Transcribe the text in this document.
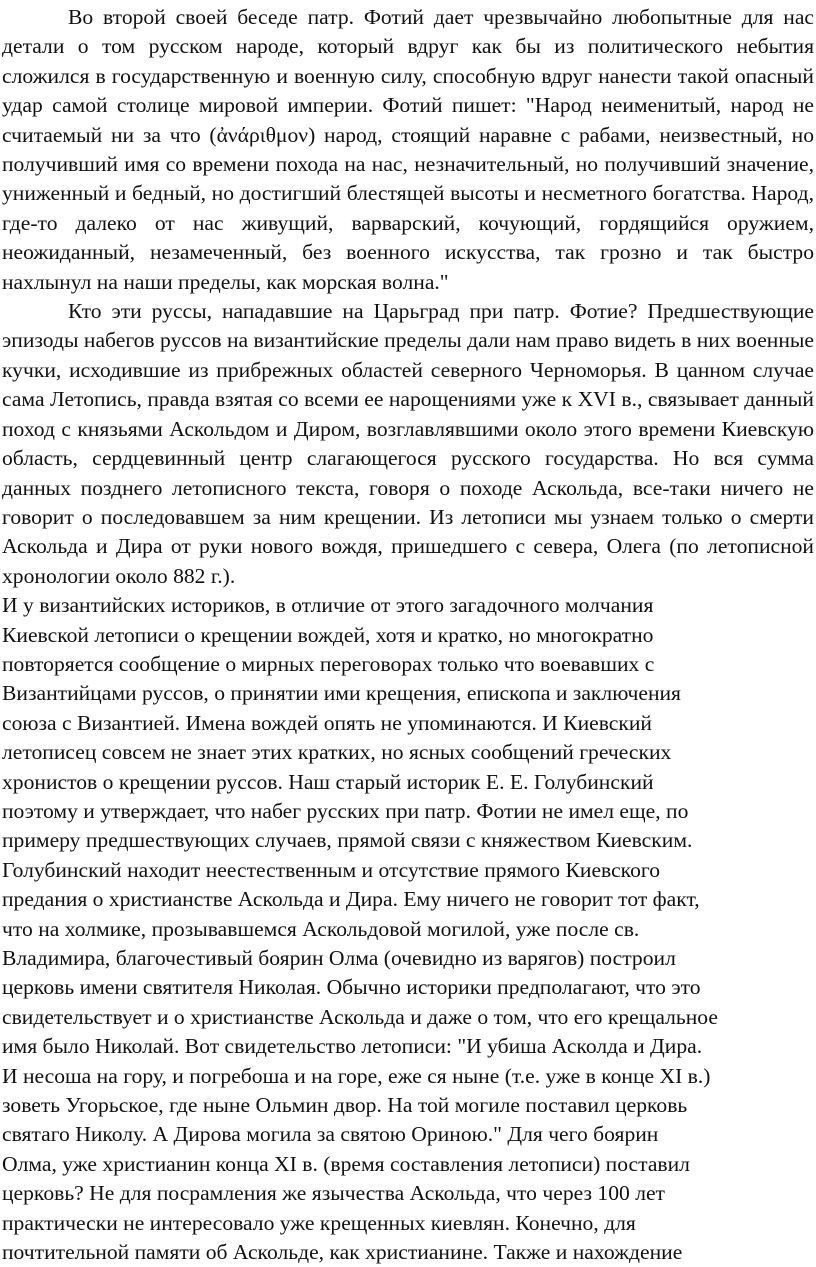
Во второй своей беседе патр. Фотий дает чрезвычайно любопытные для нас детали о том русском народе, который вдруг как бы из политического небытия сложился в государственную и военную силу, способную вдруг нанести такой опасный удар самой столице мировой империи. Фотий пишет: "Народ неименитый, народ не считаемый ни за что (ἀνάριθμον) народ, стоящий наравне с рабами, неизвестный, но получивший имя со времени похода на нас, незначительный, но получивший значение, униженный и бедный, но достигший блестящей высоты и несметного богатства. Народ, где-то далеко от нас живущий, варварский, кочующий, гордящийся оружием, неожиданный, незамеченный, без военного искусства, так грозно и так быстро нахлынул на наши пределы, как морская волна."

Кто эти руссы, нападавшие на Царьград при патр. Фотие? Предшествующие эпизоды набегов руссов на византийские пределы дали нам право видеть в них военные кучки, исходившие из прибрежных областей северного Черноморья. В цанном случае сама Летопись, правда взятая со всеми ее нарощениями уже к XVI в., связывает данный поход с князьями Аскольдом и Диром, возглавлявшими около этого времени Киевскую область, сердцевинный центр слагающегося русского государства. Но вся сумма данных позднего летописного текста, говоря о походе Аскольда, все-таки ничего не говорит о последовавшем за ним крещении. Из летописи мы узнаем только о смерти Аскольда и Дира от руки нового вождя, пришедшего с севера, Олега (по летописной хронологии около 882 г.).

И у византийских историков, в отличие от этого загадочного молчания
Киевской летописи о крещении вождей, хотя и кратко, но многократно
повторяется сообщение о мирных переговорах только что воевавших с
Византийцами руссов, о принятии ими крещения, епископа и заключения
союза с Византией. Имена вождей опять не упоминаются. И Киевский
летописец совсем не знает этих кратких, но ясных сообщений греческих
хронистов о крещении руссов. Наш старый историк Е. Е. Голубинский
поэтому и утверждает, что набег русских при патр. Фотии не имел еще, по
примеру предшествующих случаев, прямой связи с княжеством Киевским.
Голубинский находит неестественным и отсутствие прямого Киевского
предания о христианстве Аскольда и Дира. Ему ничего не говорит тот факт,
что на холмике, прозывавшемся Аскольдовой могилой, уже после св.
Владимира, благочестивый боярин Олма (очевидно из варягов) построил
церковь имени святителя Николая. Обычно историки предполагают, что это
свидетельствует и о христианстве Аскольда и даже о том, что его крещальное
имя было Николай. Вот свидетельство летописи: "И убиша Асколда и Дира.
И несоша на гору, и погребоша и на горе, еже ся ныне (т.е. уже в конце XI в.)
зоветь Угорьское, где ныне Ольмин двор. На той могиле поставил церковь
святаго Николу. А Дирова могила за святою Ориною." Для чего боярин
Олма, уже христианин конца XI в. (время составления летописи) поставил
церковь? Не для посрамления же язычества Аскольда, что через 100 лет
практически не интересовало уже крещенных киевлян. Конечно, для
почтительной памяти об Аскольде, как христианине. Также и нахождение
